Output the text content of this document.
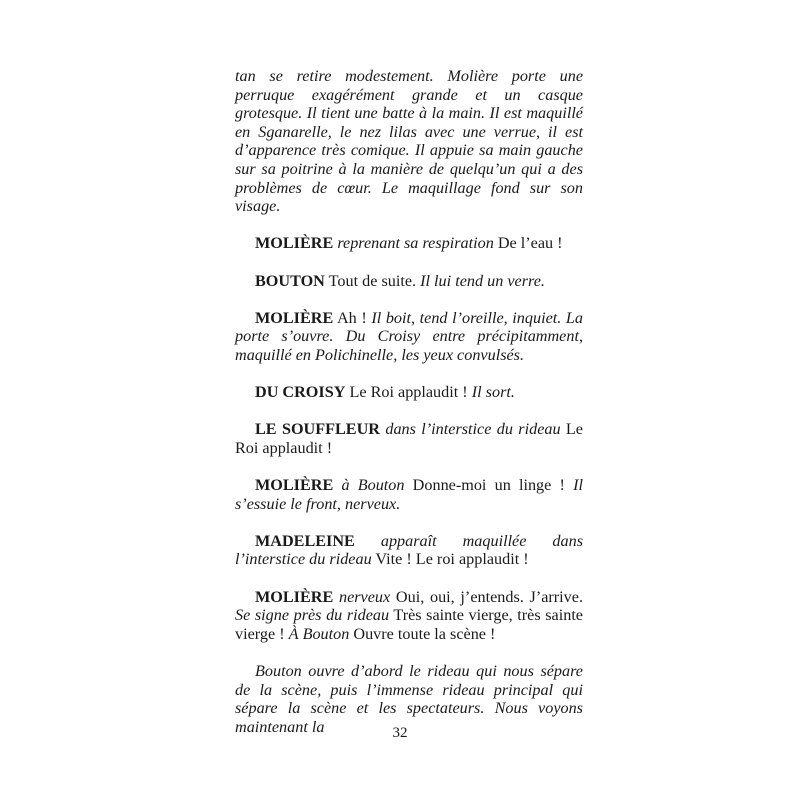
tan se retire modestement. Molière porte une perruque exagérément grande et un casque grotesque. Il tient une batte à la main. Il est maquillé en Sganarelle, le nez lilas avec une verrue, il est d’apparence très comique. Il appuie sa main gauche sur sa poitrine à la manière de quelqu’un qui a des problèmes de cœur. Le maquillage fond sur son visage.

MOLIÈRE reprenant sa respiration De l’eau !

BOUTON Tout de suite. Il lui tend un verre.

MOLIÈRE Ah ! Il boit, tend l’oreille, inquiet. La porte s’ouvre. Du Croisy entre précipitamment, maquillé en Polichinelle, les yeux convulsés.

DU CROISY Le Roi applaudit ! Il sort.

LE SOUFFLEUR dans l’interstice du rideau Le Roi applaudit !

MOLIÈRE à Bouton Donne-moi un linge ! Il s’essuie le front, nerveux.

MADELEINE apparaît maquillée dans l’interstice du rideau Vite ! Le roi applaudit !

MOLIÈRE nerveux Oui, oui, j’entends. J’arrive. Se signe près du rideau Très sainte vierge, très sainte vierge ! À Bouton Ouvre toute la scène !

Bouton ouvre d’abord le rideau qui nous sépare de la scène, puis l’immense rideau principal qui sépare la scène et les spectateurs. Nous voyons maintenant la	32
